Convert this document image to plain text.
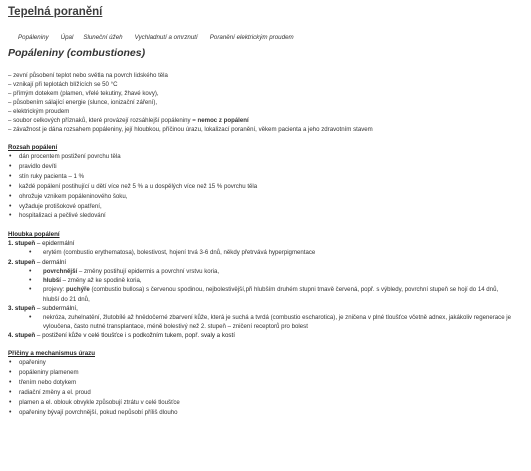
Tepelná poranění
Popáleniny Úpal Sluneční úžeh Vychladnutí a omrznutí Poranění elektrickým proudem
Popáleniny (combustiones)
– zevní působení teplot nebo světla na povrch lidského těla
– vznikají při teplotách blížících se 50 °C
– přímým dotekem (plamen, vřelé tekutiny, žhavé kovy),
– působením sálající energie (slunce, ionizační záření),
– elektrickým proudem
– soubor celkových příznaků, které provázejí rozsáhlejší popáleniny = nemoc z popálení
– závažnost je dána rozsahem popáleniny, její hloubkou, příčinou úrazu, lokalizací poranění, věkem pacienta a jeho zdravotním stavem
Rozsah popálení
• dán procentem postižení povrchu těla
• pravidlo devíti
• stín ruky pacienta – 1 %
• každé popálení postihující u dětí více než 5 % a u dospělých více než 15 % povrchu těla
• ohrožuje vznikem popáleninového šoku,
• vyžaduje protišokové opatření,
• hospitalizaci a pečlivé sledování
Hloubka popálení
1. stupeň – epidermální
• erytém (combustio erythematosa), bolestivost, hojení trvá 3-6 dnů, někdy přetrvává hyperpigmentace
2. stupeň – dermální
• povrchnější – změny postihují epidermis a povrchní vrstvu koria,
• hlubší – změny až ke spodině koria,
• projevy: puchýře (combustio bullosa) s červenou spodinou, nejbolestivější,při hlubším druhém stupni tmavě červená, popř. s výbledy, povrchní stupeň se hojí do 14 dnů, hlubší do 21 dnů,
3. stupeň – subdermální,
• nekróza, zuhelnatění, žlutobílé až hnědočerné zbarvení kůže, která je suchá a tvrdá (combustio escharotica), je zničena v plné tloušťce včetně adnex, jakákoliv regenerace je vyloučena, často nutné transplantace, méně bolestivý než 2. stupeň – zničení receptorů pro bolest
4. stupeň – postižení kůže v celé tloušťce i s podkožním tukem, popř. svaly a kostí
Příčiny a mechanismus úrazu
• opařeniny
• popáleniny plamenem
• třením nebo dotykem
• radiační změny a el. proud
• plamen a el. oblouk obvykle způsobují ztrátu v celé tloušťce
• opařeniny bývají povrchnější, pokud nepůsobí příliš dlouho
